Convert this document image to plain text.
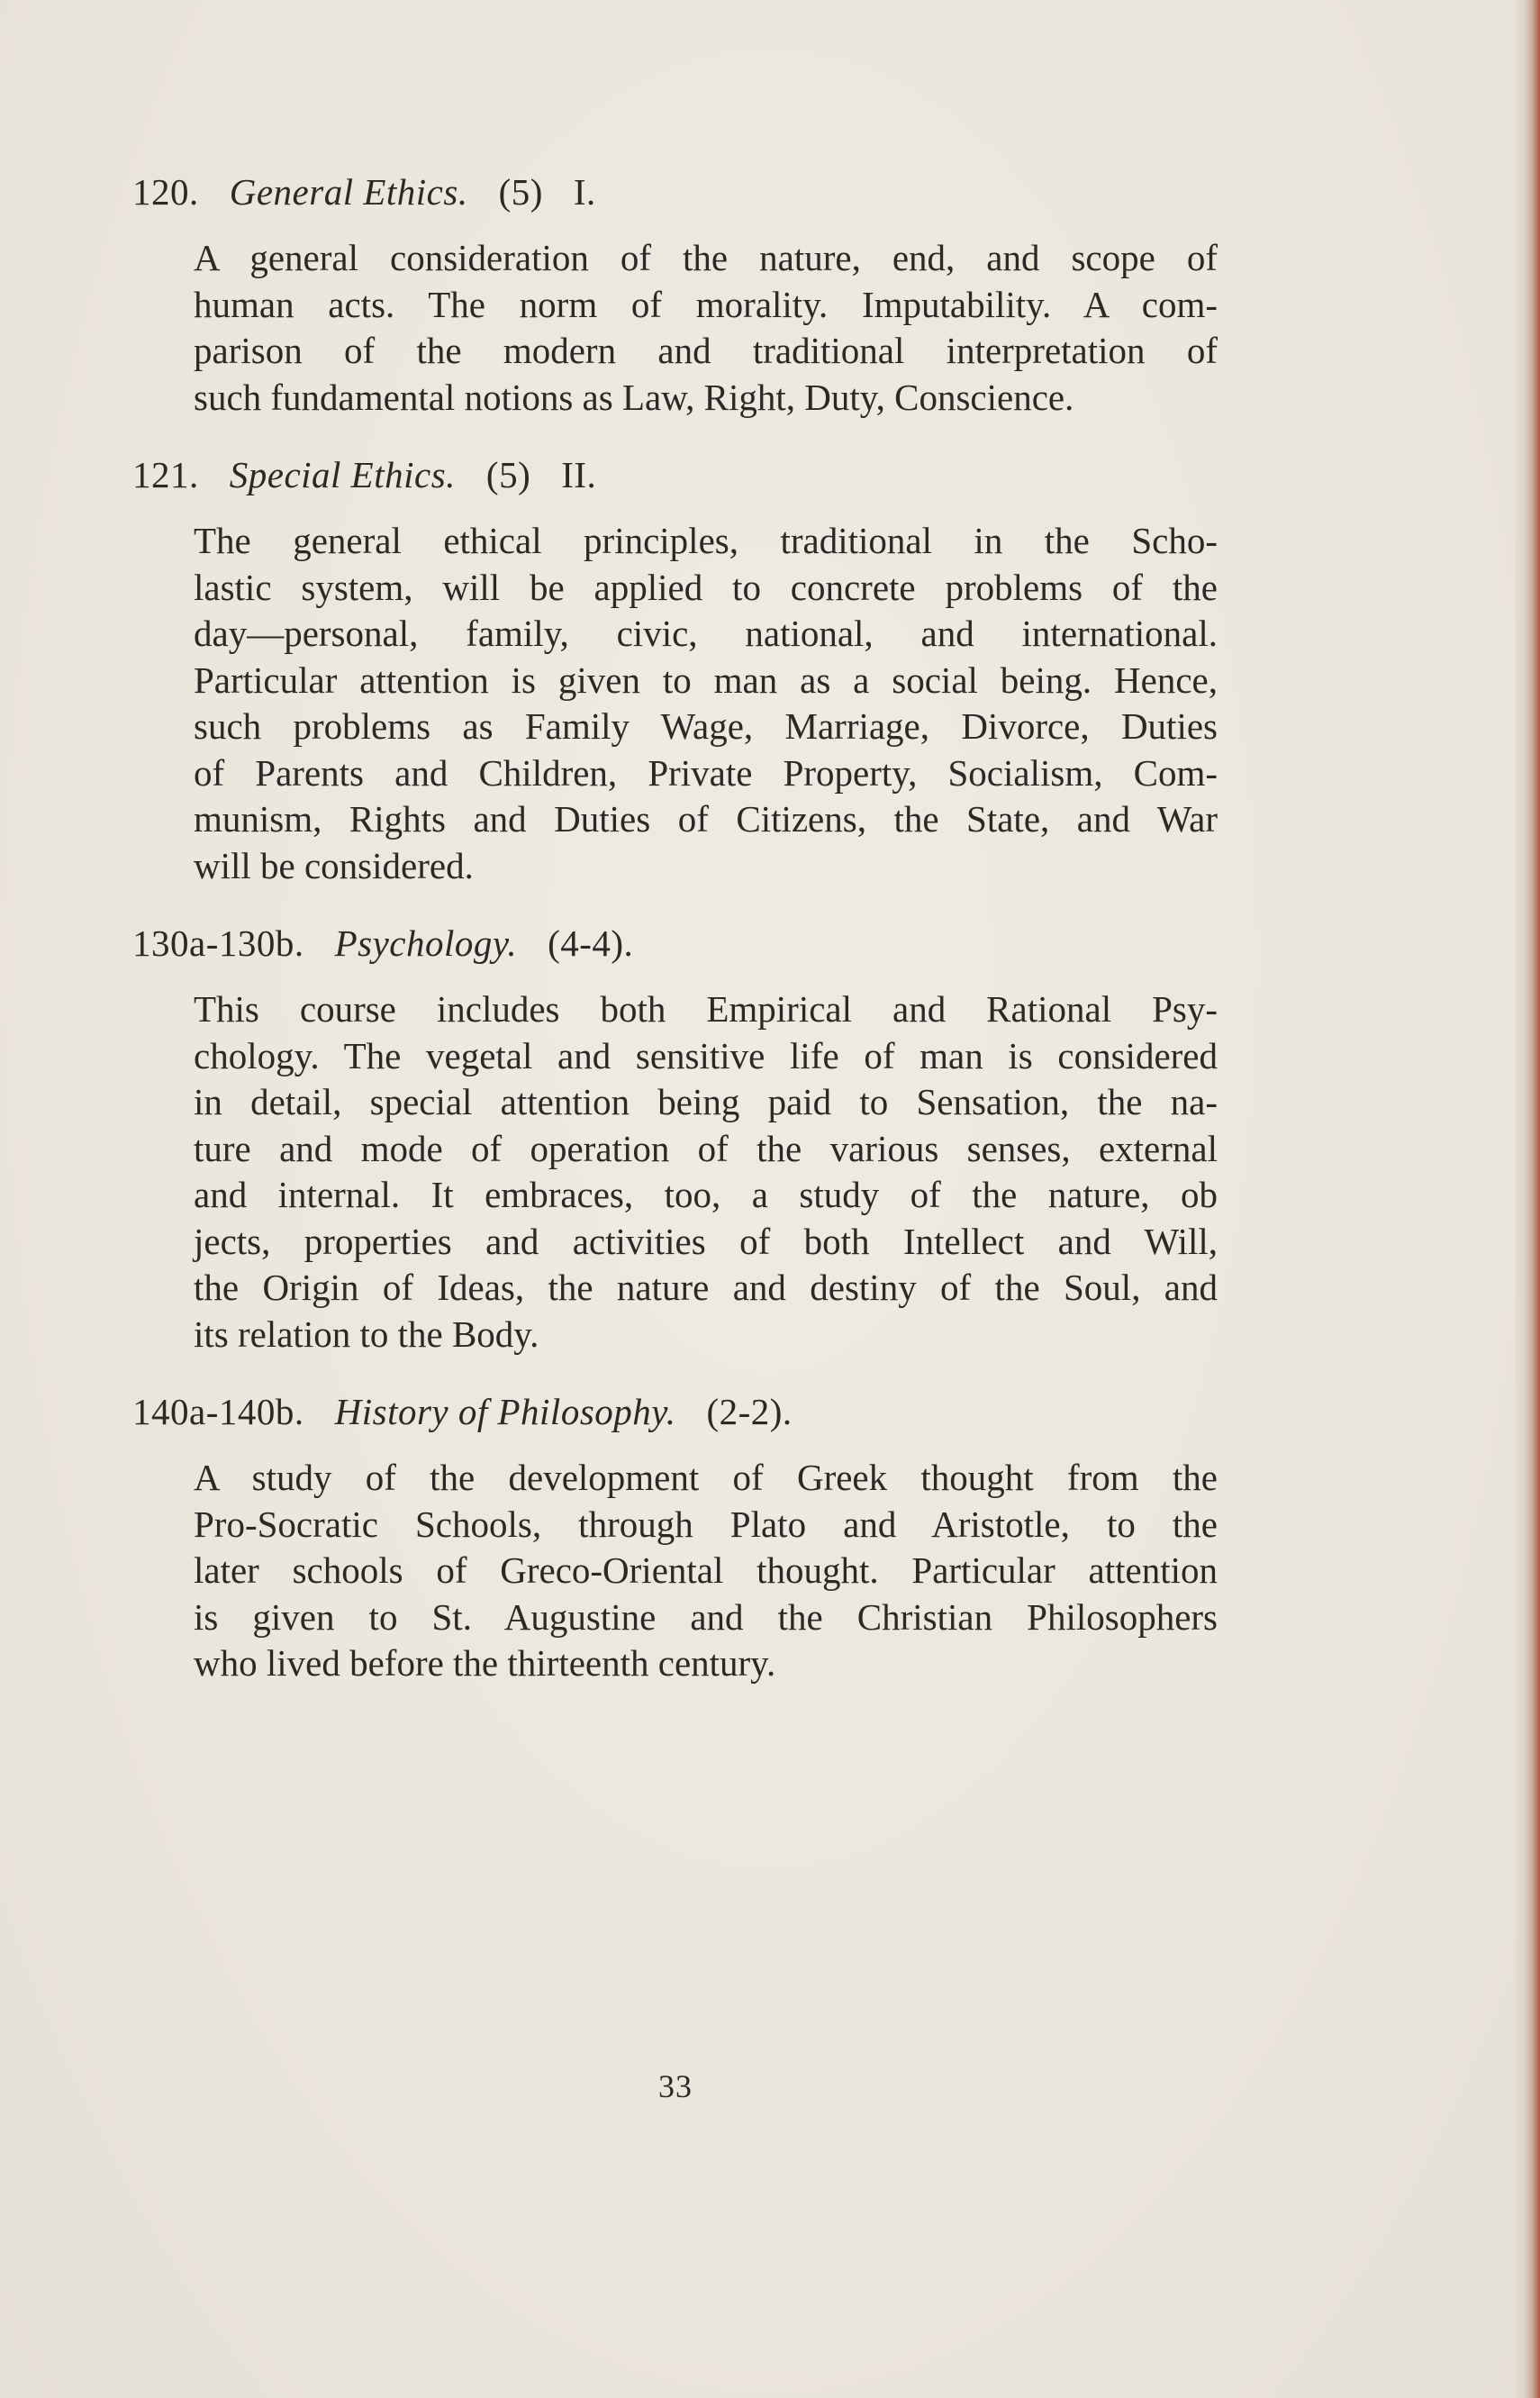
120. General Ethics. (5) I.

A general consideration of the nature, end, and scope of
human acts. The norm of morality. Imputability. A com-
parison of the modern and traditional interpretation of
such fundamental notions as Law, Right, Duty, Conscience.

121. Special Ethics. (5) II.

The general ethical principles, traditional in the Scho-
lastic system, will be applied to concrete problems of the
day—personal, family, civic, national, and international.
Particular attention is given to man as a social being. Hence,
such problems as Family Wage, Marriage, Divorce, Duties
of Parents and Children, Private Property, Socialism, Com-
munism, Rights and Duties of Citizens, the State, and War
will be considered.

130a-130b. Psychology. (4-4).

This course includes both Empirical and Rational Psy-
chology. The vegetal and sensitive life of man is considered
in detail, special attention being paid to Sensation, the na-
ture and mode of operation of the various senses, external
and internal. It embraces, too, a study of the nature, ob
jects, properties and activities of both Intellect and Will,
the Origin of Ideas, the nature and destiny of the Soul, and
its relation to the Body.

140a-140b. History of Philosophy. (2-2).

A study of the development of Greek thought from the
Pro-Socratic Schools, through Plato and Aristotle, to the
later schools of Greco-Oriental thought. Particular attention
is given to St. Augustine and the Christian Philosophers
who lived before the thirteenth century.

33
